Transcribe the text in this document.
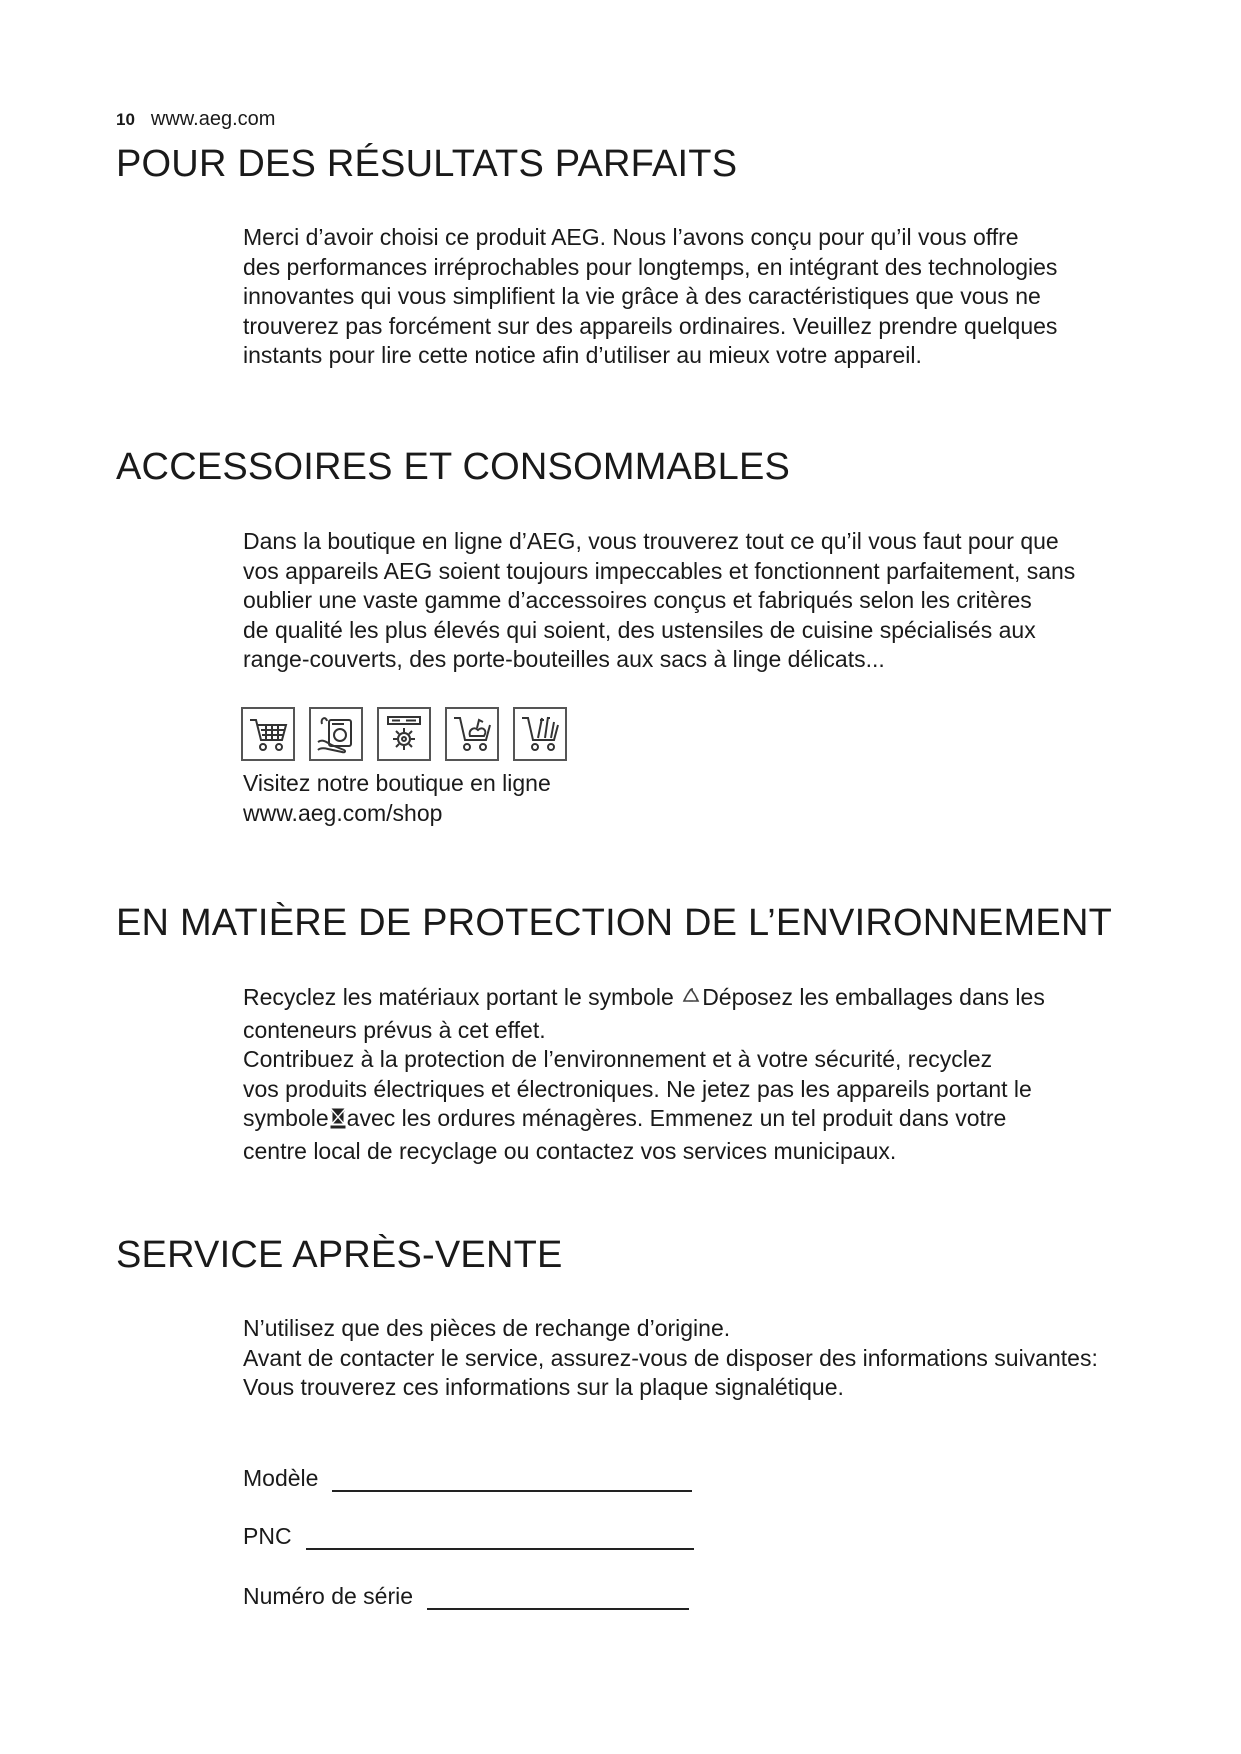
10 www.aeg.com
POUR DES RÉSULTATS PARFAITS

Merci d’avoir choisi ce produit AEG. Nous l’avons conçu pour qu’il vous offre

des performances irréprochables pour longtemps, en intégrant des technologies

innovantes qui vous simplifient la vie grâce à des caractéristiques que vous ne

trouverez pas forcément sur des appareils ordinaires. Veuillez prendre quelques

instants pour lire cette notice afin d’utiliser au mieux votre appareil.

ACCESSOIRES ET CONSOMMABLES

Dans la boutique en ligne d’AEG, vous trouverez tout ce qu’il vous faut pour que

vos appareils AEG soient toujours impeccables et fonctionnent parfaitement, sans

oublier une vaste gamme d’accessoires conçus et fabriqués selon les critères

de qualité les plus élevés qui soient, des ustensiles de cuisine spécialisés aux

range-couverts, des porte-bouteilles aux sacs à linge délicats...

Visitez notre boutique en ligne
www.aeg.com/shop
EN MATIÈRE DE PROTECTION DE L’ENVIRONNEMENT

Recyclez les matériaux portant le symbole Déposez les emballages dans les

conteneurs prévus à cet effet.

Contribuez à la protection de l’environnement et à votre sécurité, recyclez

vos produits électriques et électroniques. Ne jetez pas les appareils portant le

symbole avec les ordures ménagères. Emmenez un tel produit dans votre

centre local de recyclage ou contactez vos services municipaux.

SERVICE APRÈS-VENTE

N’utilisez que des pièces de rechange d’origine.

Avant de contacter le service, assurez-vous de disposer des informations suivantes:

Vous trouverez ces informations sur la plaque signalétique.

Modèle
PNC
Numéro de série
